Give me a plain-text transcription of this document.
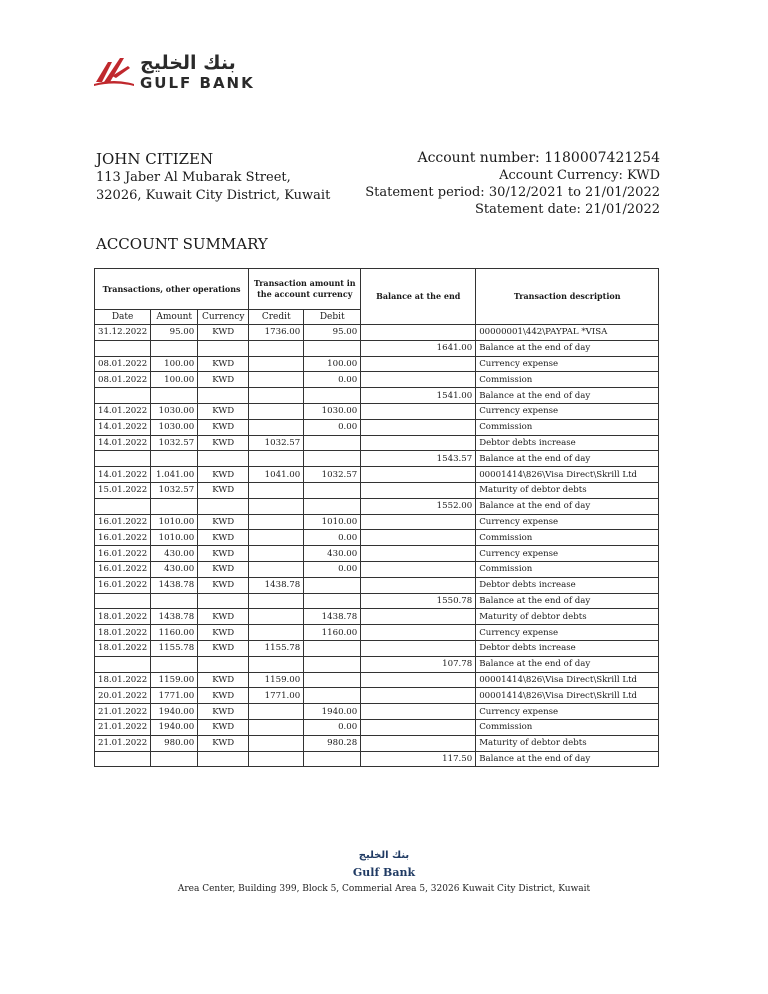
بنك الخليج
GULF BANK
JOHN CITIZEN
113 Jaber Al Mubarak Street,
32026, Kuwait City District, Kuwait
Account number: 1180007421254
Account Currency: KWD
Statement period: 30/12/2021 to 21/01/2022
Statement date: 21/01/2022
ACCOUNT SUMMARY
Transactions, other operations			Transaction amount in the account currency		Balance at the end	Transaction description
Date	Amount	Currency	Credit	Debit		
31.12.2022	95.00	KWD	1736.00	95.00		00000001\442\PAYPAL *VISA
					1641.00	Balance at the end of day
08.01.2022	100.00	KWD		100.00		Currency expense
08.01.2022	100.00	KWD		0.00		Commission
					1541.00	Balance at the end of day
14.01.2022	1030.00	KWD		1030.00		Currency expense
14.01.2022	1030.00	KWD		0.00		Commission
14.01.2022	1032.57	KWD	1032.57			Debtor debts increase
					1543.57	Balance at the end of day
14.01.2022	1.041.00	KWD	1041.00	1032.57		00001414\826\Visa Direct\Skrill Ltd
15.01.2022	1032.57	KWD				Maturity of debtor debts
					1552.00	Balance at the end of day
16.01.2022	1010.00	KWD		1010.00		Currency expense
16.01.2022	1010.00	KWD		0.00		Commission
16.01.2022	430.00	KWD		430.00		Currency expense
16.01.2022	430.00	KWD		0.00		Commission
16.01.2022	1438.78	KWD	1438.78			Debtor debts increase
					1550.78	Balance at the end of day
18.01.2022	1438.78	KWD		1438.78		Maturity of debtor debts
18.01.2022	1160.00	KWD		1160.00		Currency expense
18.01.2022	1155.78	KWD	1155.78			Debtor debts increase
					107.78	Balance at the end of day
18.01.2022	1159.00	KWD	1159.00			00001414\826\Visa Direct\Skrill Ltd
20.01.2022	1771.00	KWD	1771.00			00001414\826\Visa Direct\Skrill Ltd
21.01.2022	1940.00	KWD		1940.00		Currency expense
21.01.2022	1940.00	KWD		0.00		Commission
21.01.2022	980.00	KWD		980.28		Maturity of debtor debts
					117.50	Balance at the end of day
بنك الخليج
Gulf Bank
Area Center, Building 399, Block 5, Commerial Area 5, 32026 Kuwait City District, Kuwait
